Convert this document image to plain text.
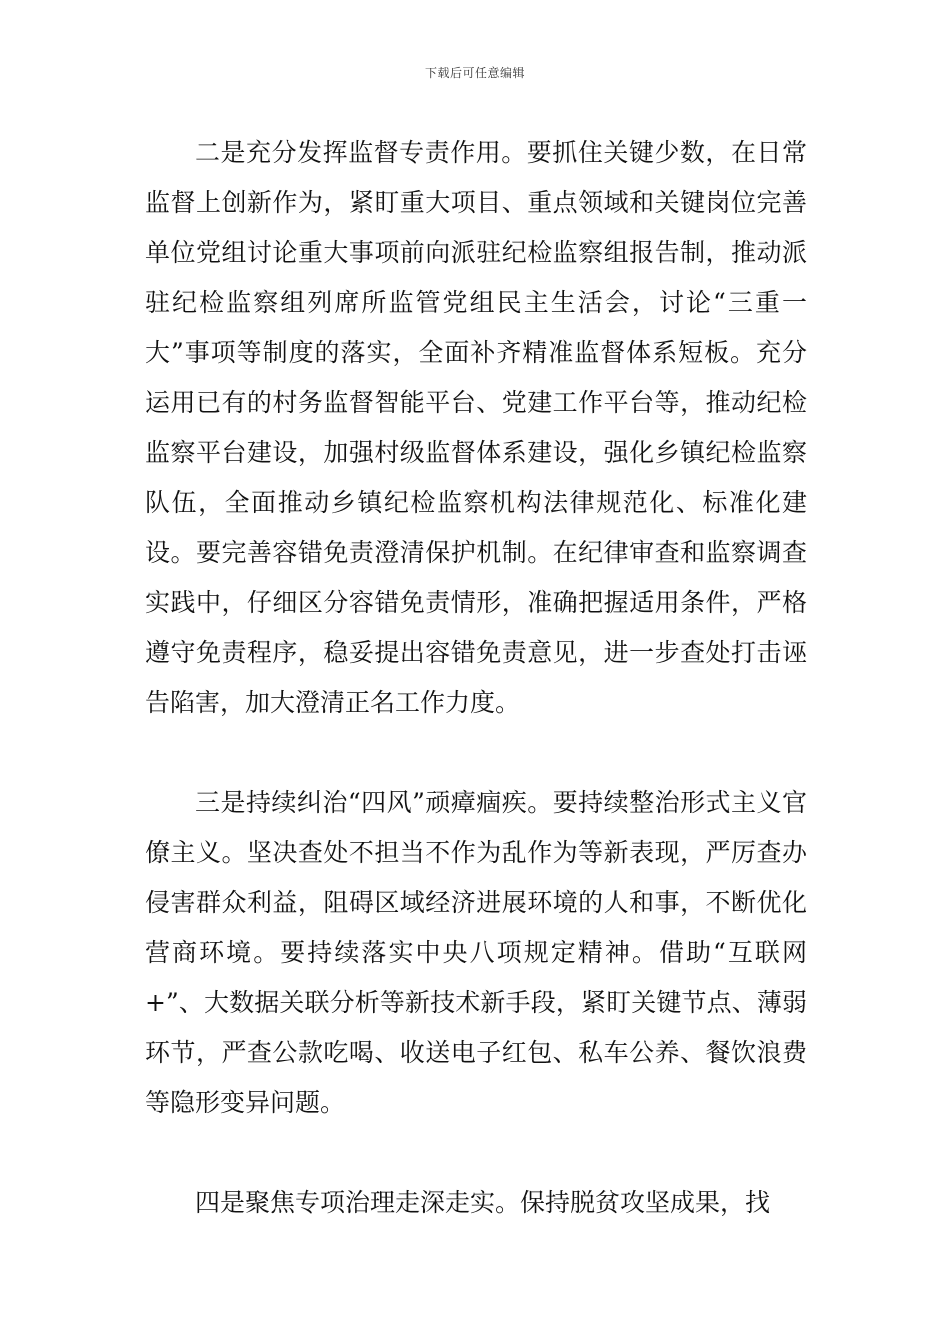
下载后可任意编辑

二是充分发挥监督专责作用。要抓住关键少数，在日常监督上创新作为，紧盯重大项目、重点领域和关键岗位完善单位党组讨论重大事项前向派驻纪检监察组报告制，推动派驻纪检监察组列席所监管党组民主生活会，讨论“三重一大”事项等制度的落实，全面补齐精准监督体系短板。充分运用已有的村务监督智能平台、党建工作平台等，推动纪检监察平台建设，加强村级监督体系建设，强化乡镇纪检监察队伍，全面推动乡镇纪检监察机构法律规范化、标准化建设。要完善容错免责澄清保护机制。在纪律审查和监察调查实践中，仔细区分容错免责情形，准确把握适用条件，严格遵守免责程序，稳妥提出容错免责意见，进一步查处打击诬告陷害，加大澄清正名工作力度。

三是持续纠治“四风”顽瘴痼疾。要持续整治形式主义官僚主义。坚决查处不担当不作为乱作为等新表现，严厉查办侵害群众利益，阻碍区域经济进展环境的人和事，不断优化营商环境。要持续落实中央八项规定精神。借助“互联网+”、大数据关联分析等新技术新手段，紧盯关键节点、薄弱环节，严查公款吃喝、收送电子红包、私车公养、餐饮浪费等隐形变异问题。

四是聚焦专项治理走深走实。保持脱贫攻坚成果，找
